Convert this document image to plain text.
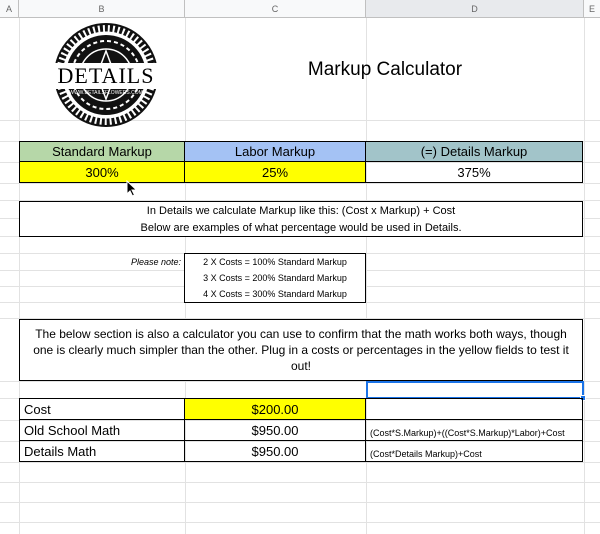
A	B	C	D	E
DETAILS
WWW.DETAILSFLOWERS.COM
Markup Calculator
Standard Markup	Labor Markup	(=) Details Markup
300%	25%	375%
In Details we calculate Markup like this: (Cost x Markup) + Cost
Below are examples of what percentage would be used in Details.
Please note:	2 X Costs = 100% Standard Markup
3 X Costs = 200% Standard Markup
4 X Costs = 300% Standard Markup
The below section is also a calculator you can use to confirm that the math works both ways, though one is clearly much simpler than the other. Plug in a costs or percentages in the yellow fields to test it out!
Cost	$200.00
Old School Math	$950.00	(Cost*S.Markup)+((Cost*S.Markup)*Labor)+Cost
Details Math	$950.00	(Cost*Details Markup)+Cost
